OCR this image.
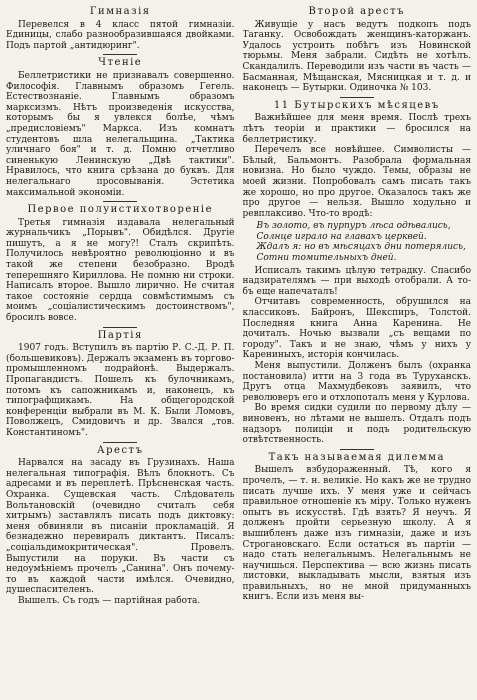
Гимназія

Перевелся в 4 класс пятой гимназіи. Единицы, слабо разнообразившаяся двойками. Подъ партой „антидюринг".

Чтеніе

Беллетристики не признавалъ совершенно. Философія. Главнымъ образомъ Гегель. Естествознаніе. Главнымъ образомъ марксизмъ. Нѣтъ произведенія искусства, которымъ бы я увлекся болѣе, чѣмъ „предисловіемъ" Маркса. Изъ комнатъ студентовъ шла нелегальщина. „Тактика уличнаго боя" и т. д. Помню отчетливо синенькую Ленинскую „Двѣ тактики". Нравилось, что книга срѣзана до буквъ. Для нелегальнаго просовыванія. Эстетика максимальной экономіи.

Первое полуистихотвореніе

Третья гимназія издавала нелегальный журнальчикъ „Порывъ". Обидѣлся. Другіе пишутъ, а я не могу?! Сталъ скрипѣть. Получилось невѣроятно революціонно и въ такой же степени безобразно. Вродѣ теперешняго Кириллова. Не помню ни строки. Написалъ второе. Вышло лирично. Не считая такое состояніе сердца совмѣстимымъ съ моимъ „соціалистическимъ достоинствомъ", бросилъ вовсе.

Партія

1907 годъ. Вступилъ въ партію Р. С.-Д. Р. П. (большевиковъ). Держалъ экзаменъ въ торгово-промышленномъ подрайонѣ. Выдержалъ. Пропагандистъ. Пошелъ къ булочникамъ, потомъ къ сапожникамъ и, наконецъ, къ типографщикамъ. На общегородской конференціи выбрали въ М. К. Были Ломовъ, Поволжецъ, Смидовичъ и др. Звался „тов. Константиномъ".

Арестъ

Нарвался на засаду въ Грузинахъ. Наша нелегальная типографія. Вѣлъ блокнотъ. Съ адресами и въ переплетѣ. Прѣсненская часть. Охранка. Сущевская часть. Слѣдователь Вольтановскій (очевидно считалъ себя хитрымъ) заставлялъ писать подъ диктовку: меня обвиняли въ писаніи прокламацій. Я безнадежно перевиралъ диктантъ. Писалъ: „соціальдимокритическая". Провелъ. Выпустили на поруки. Въ части съ недоумѣніемъ прочелъ „Санина". Онъ почему-то въ каждой части имѣлся. Очевидно, душеспасителенъ.

Вышелъ. Съ годъ — партійная работа.

Второй арестъ

Живущіе у насъ ведутъ подкопъ подъ Таганку. Освобождать женщинъ-каторжанъ. Удалось устроить побѣгъ изъ Новинской тюрьмы. Меня забрали. Сидѣть не хотѣлъ. Скандалилъ. Переводили изъ части въ часть — Басманная, Мѣщанская, Мясницкая и т. д. и наконецъ — Бутырки. Одиночка № 103.

11 Бутырскихъ мѣсяцевъ

Важнѣйшее для меня время. Послѣ трехъ лѣтъ теоріи и практики — бросился на беллетристику.

Перечелъ все новѣйшее. Символисты — Бѣлый, Бальмонтъ. Разобрала формальная новизна. Но было чуждо. Темы, образы не моей жизни. Попробовалъ самъ писать такъ же хорошо, но про другое. Оказалось такъ же про другое — нельзя. Вышло ходульно и ревплаксиво. Что-то вродѣ:

Въ золото, въ пурпуръ лѣса одѣвались,
Солнце играло на главахъ церквей.
Ждалъ я: но въ мѣсяцахъ дни потерялись,
Сотни томительныхъ дней.

Исписалъ такимъ цѣлую тетрадку. Спасибо надзирателямъ — при выходѣ отобрали. А то-бъ еще напечаталъ!

Отчитавъ современность, обрушился на классиковъ. Байронъ, Шекспиръ, Толстой. Последняя книга Анна Каренина. Не дочиталъ. Ночью вызвали „съ вещами по городу". Такъ и не знаю, чѣмъ у нихъ у Карениныхъ, исторія кончилась.

Меня выпустили. Долженъ былъ (охранка постановила) итти на 3 года въ Туруханскъ. Другъ отца Махмудбековъ заявилъ, что революверъ его и отхлопоталъ меня у Курлова.

Во время сидки судили по первому дѣлу — виновенъ, но лѣтами не вышелъ. Отдалъ подъ надзоръ полиціи и подъ родительскую отвѣтственность.

Такъ называемая дилемма

Вышелъ взбудораженный. Тѣ, кого я прочелъ, — т. н. великіе. Но какъ же не трудно писать лучше ихъ. У меня уже и сейчасъ правильное отношеніе къ міру. Только нуженъ опытъ въ искусствѣ. Гдѣ взять? Я неучъ. Я долженъ пройти серьезную школу. А я вышибленъ даже изъ гимназіи, даже и изъ Строгановскаго. Если остаться въ партіи — надо стать нелегальнымъ. Нелегальнымъ не научишься. Перспектива — всю жизнь писать листовки, выкладывать мысли, взятыя изъ правильныхъ, но не мной придуманныхъ книгъ. Если изъ меня вы-
